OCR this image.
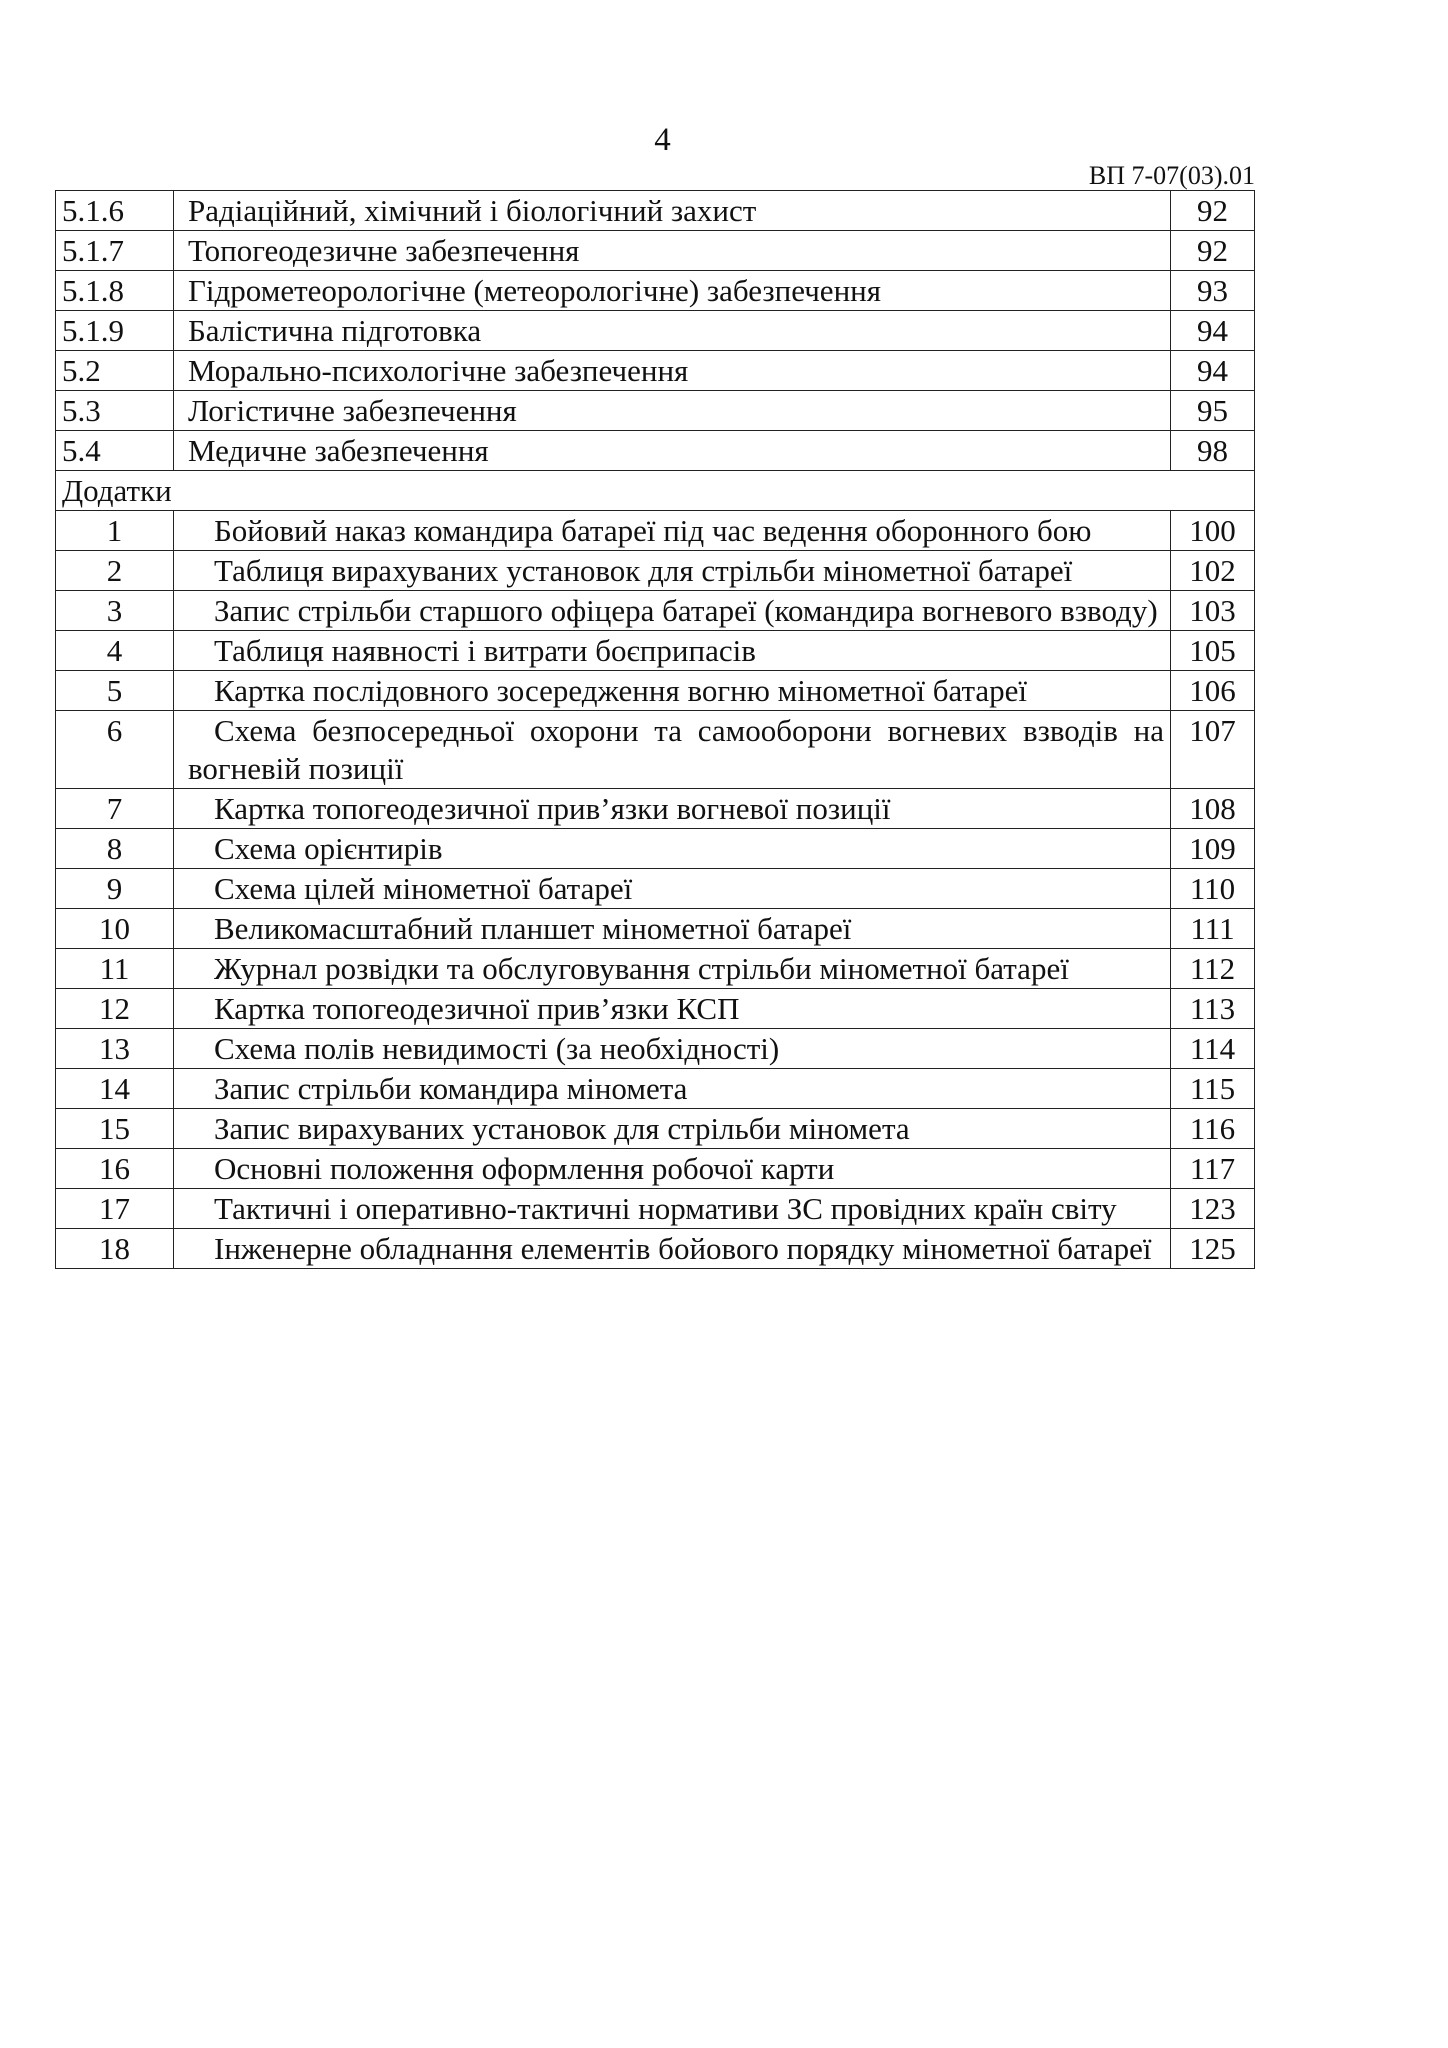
4
ВП 7-07(03).01
5.1.6	Радіаційний, хімічний і біологічний захист	92
5.1.7	Топогеодезичне забезпечення	92
5.1.8	Гідрометеорологічне (метеорологічне) забезпечення	93
5.1.9	Балістична підготовка	94
5.2	Морально-психологічне забезпечення	94
5.3	Логістичне забезпечення	95
5.4	Медичне забезпечення	98
Додатки		
1	Бойовий наказ командира батареї під час ведення оборонного бою	100
2	Таблиця вирахуваних установок для стрільби мінометної батареї	102
3	Запис стрільби старшого офіцера батареї (командира вогневого взводу)	103
4	Таблиця наявності і витрати боєприпасів	105
5	Картка послідовного зосередження вогню мінометної батареї	106
6	Схема безпосередньої охорони та самооборони вогневих взводів на вогневій позиції	107
7	Картка топогеодезичної прив’язки вогневої позиції	108
8	Схема орієнтирів	109
9	Схема цілей мінометної батареї	110
10	Великомасштабний планшет мінометної батареї	111
11	Журнал розвідки та обслуговування стрільби мінометної батареї	112
12	Картка топогеодезичної прив’язки КСП	113
13	Схема полів невидимості (за необхідності)	114
14	Запис стрільби командира міномета	115
15	Запис вирахуваних установок для стрільби міномета	116
16	Основні положення оформлення робочої карти	117
17	Тактичні і оперативно-тактичні нормативи ЗС провідних країн світу	123
18	Інженерне обладнання елементів бойового порядку мінометної батареї	125
